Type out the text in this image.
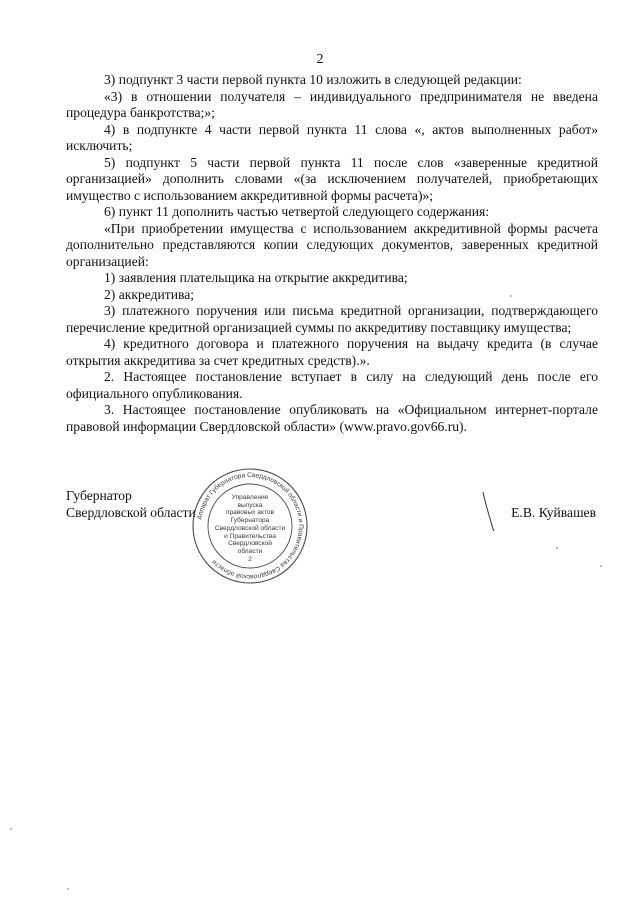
2

3) подпункт 3 части первой пункта 10 изложить в следующей редакции:

«3) в отношении получателя – индивидуального предпринимателя не введена процедура банкротства;»;

4) в подпункте 4 части первой пункта 11 слова «, актов выполненных работ» исключить;

5) подпункт 5 части первой пункта 11 после слов «заверенные кредитной организацией» дополнить словами «(за исключением получателей, приобретающих имущество с использованием аккредитивной формы расчета)»;

6) пункт 11 дополнить частью четвертой следующего содержания:

«При приобретении имущества с использованием аккредитивной формы расчета дополнительно представляются копии следующих документов, заверенных кредитной организацией:

1) заявления плательщика на открытие аккредитива;

2) аккредитива;

3) платежного поручения или письма кредитной организации, подтверждающего перечисление кредитной организацией суммы по аккредитиву поставщику имущества;

4) кредитного договора и платежного поручения на выдачу кредита (в случае открытия аккредитива за счет кредитных средств).».

2. Настоящее постановление вступает в силу на следующий день после его официального опубликования.

3. Настоящее постановление опубликовать на «Официальном интернет-портале правовой информации Свердловской области» (www.pravo.gov66.ru).

Аппарат Губернатора Свердловской области и Правительства Свердловской области
Управление
выпуска
правовых актов
Губернатора
Свердловской области
и Правительства
Свердловской
области
2
Губернатор
Свердловской области	Е.В. Куйвашев
